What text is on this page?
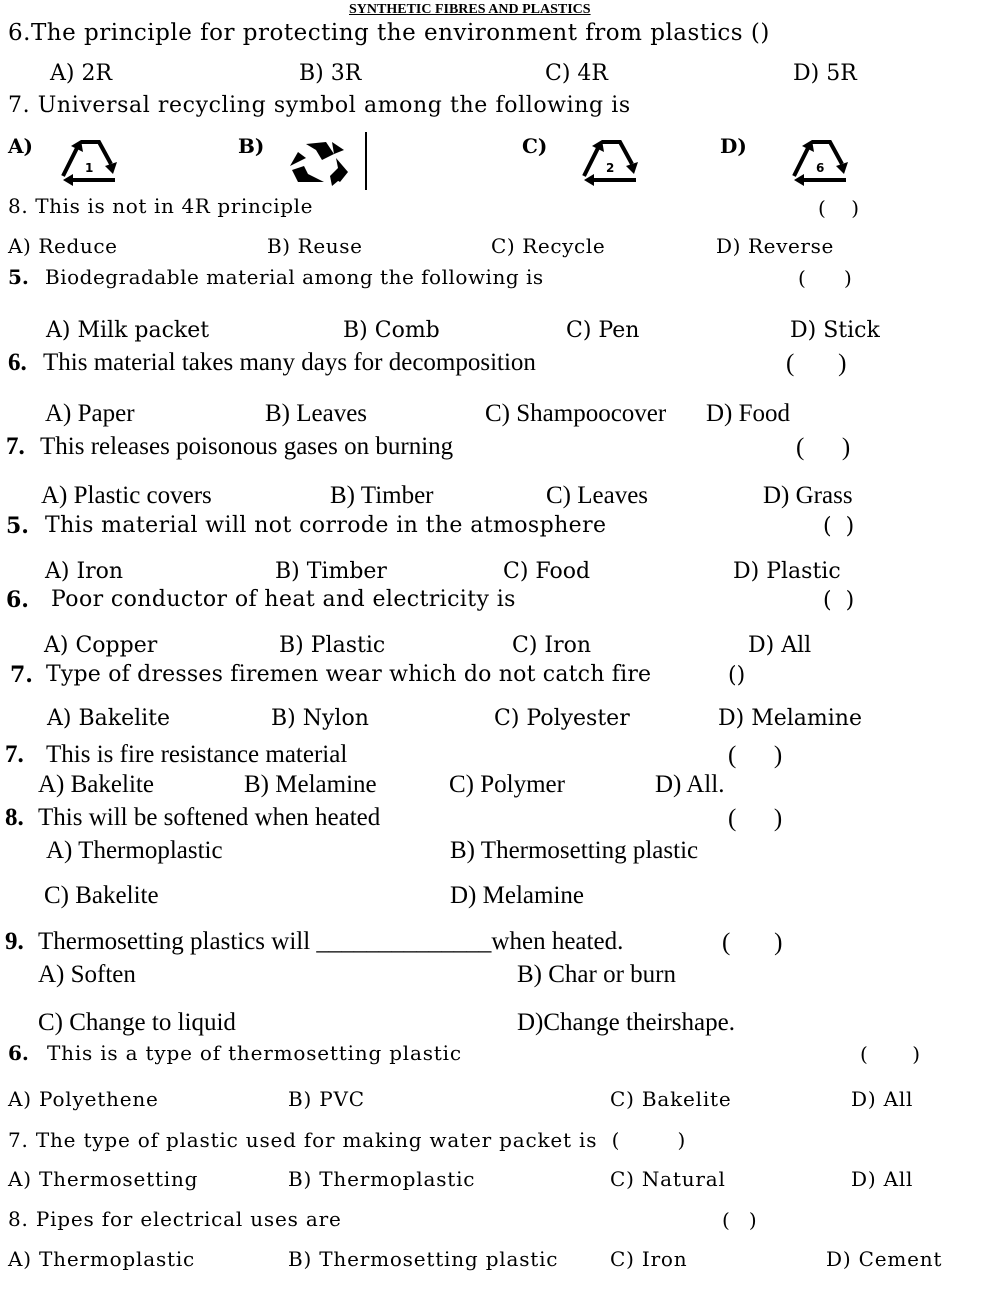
SYNTHETIC FIBRES AND PLASTICS
6.The principle for protecting the environment from plastics ()
A) 2R	B) 3R	C) 4R	D) 5R
7. Universal recycling symbol among the following is
A)	B)	C)	D)
1	2	6
8. This is not in 4R principle	(    )
A) Reduce	B) Reuse	C) Recycle	D) Reverse
5. Biodegradable material among the following is	(      )
A) Milk packet	B) Comb	C) Pen	D) Stick
6. This material takes many days for decomposition	(       )
A) Paper	B) Leaves	C) Shampoocover D) Food
7. This releases poisonous gases on burning	(      )
A) Plastic covers	B) Timber	C) Leaves	D) Grass
5. This material will not corrode in the atmosphere	(  )
A) Iron	B) Timber	C) Food	D) Plastic
6. Poor conductor of heat and electricity is	(  )
A) Copper	B) Plastic	C) Iron	D) All
7. Type of dresses firemen wear which do not catch fire	()
A) Bakelite	B) Nylon	C) Polyester	D) Melamine
7. This is fire resistance material	(      )
A) Bakelite	B) Melamine	C) Polymer	D) All.
8. This will be softened when heated	(      )
A) Thermoplastic	B) Thermosetting plastic
C) Bakelite	D) Melamine
9. Thermosetting plastics will ______________when heated.	(       )
A) Soften	B) Char or burn
C) Change to liquid	D)Change theirshape.
6. This is a type of thermosetting plastic	(       )
A) Polyethene	B) PVC	C) Bakelite	D) All
7. The type of plastic used for making water packet is  (        )
A) Thermosetting	B) Thermoplastic	C) Natural	D) All
8. Pipes for electrical uses are	(   )
A) Thermoplastic	B) Thermosetting plastic	C) Iron	D) Cement
